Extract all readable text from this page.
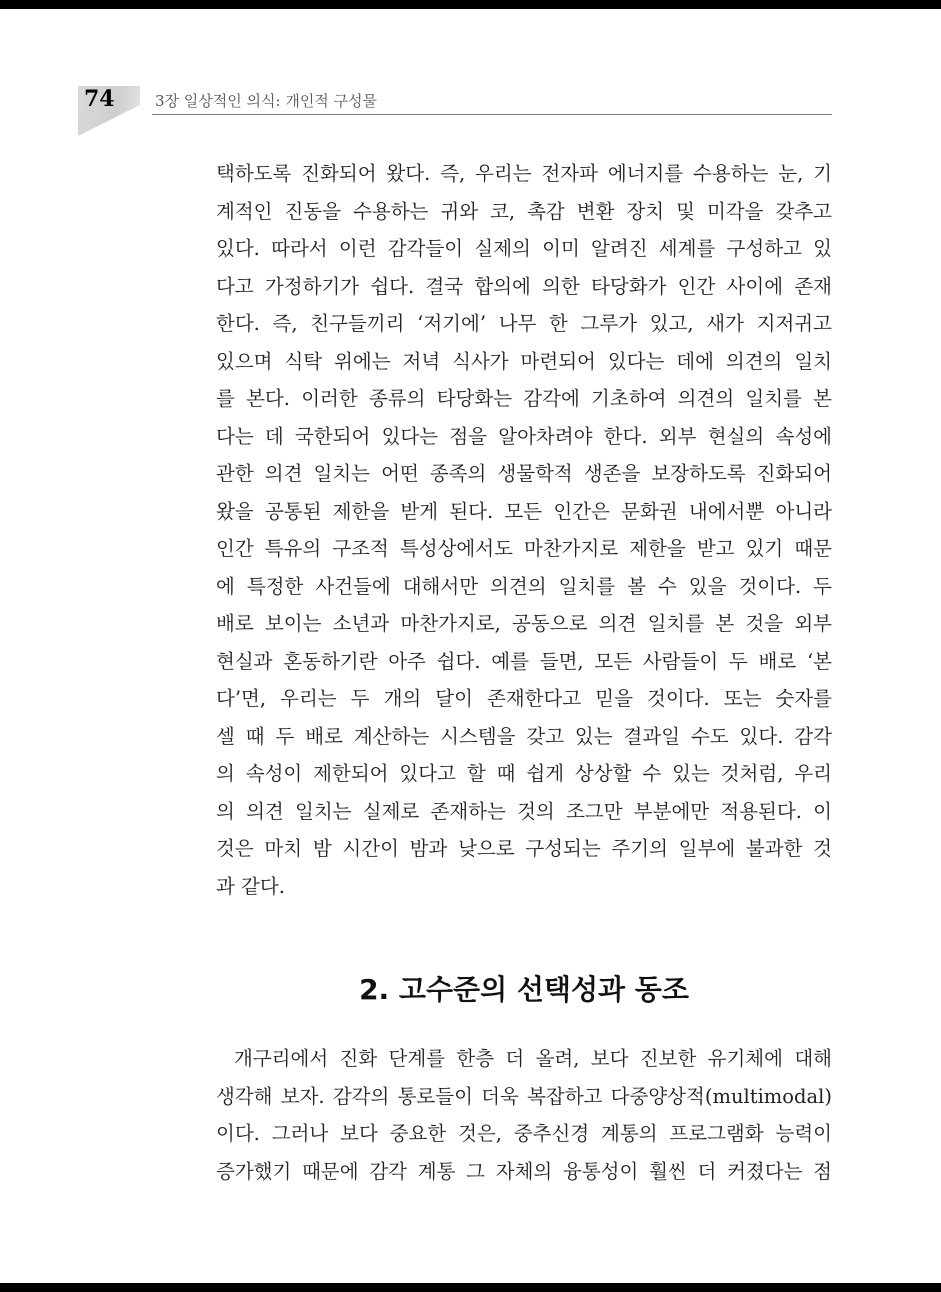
74	3장 일상적인 의식: 개인적 구성물
택하도록 진화되어 왔다. 즉, 우리는 전자파 에너지를 수용하는 눈, 기
계적인 진동을 수용하는 귀와 코, 촉감 변환 장치 및 미각을 갖추고
있다. 따라서 이런 감각들이 실제의 이미 알려진 세계를 구성하고 있
다고 가정하기가 쉽다. 결국 합의에 의한 타당화가 인간 사이에 존재
한다. 즉, 친구들끼리 ‘저기에’ 나무 한 그루가 있고, 새가 지저귀고
있으며 식탁 위에는 저녁 식사가 마련되어 있다는 데에 의견의 일치
를 본다. 이러한 종류의 타당화는 감각에 기초하여 의견의 일치를 본
다는 데 국한되어 있다는 점을 알아차려야 한다. 외부 현실의 속성에
관한 의견 일치는 어떤 종족의 생물학적 생존을 보장하도록 진화되어
왔을 공통된 제한을 받게 된다. 모든 인간은 문화권 내에서뿐 아니라
인간 특유의 구조적 특성상에서도 마찬가지로 제한을 받고 있기 때문
에 특정한 사건들에 대해서만 의견의 일치를 볼 수 있을 것이다. 두
배로 보이는 소년과 마찬가지로, 공동으로 의견 일치를 본 것을 외부
현실과 혼동하기란 아주 쉽다. 예를 들면, 모든 사람들이 두 배로 ‘본
다’면, 우리는 두 개의 달이 존재한다고 믿을 것이다. 또는 숫자를
셀 때 두 배로 계산하는 시스템을 갖고 있는 결과일 수도 있다. 감각
의 속성이 제한되어 있다고 할 때 쉽게 상상할 수 있는 것처럼, 우리
의 의견 일치는 실제로 존재하는 것의 조그만 부분에만 적용된다. 이
것은 마치 밤 시간이 밤과 낮으로 구성되는 주기의 일부에 불과한 것
과 같다.
2. 고수준의 선택성과 동조
개구리에서 진화 단계를 한층 더 올려, 보다 진보한 유기체에 대해
생각해 보자. 감각의 통로들이 더욱 복잡하고 다중양상적(multimodal)
이다. 그러나 보다 중요한 것은, 중추신경 계통의 프로그램화 능력이
증가했기 때문에 감각 계통 그 자체의 융통성이 훨씬 더 커졌다는 점
